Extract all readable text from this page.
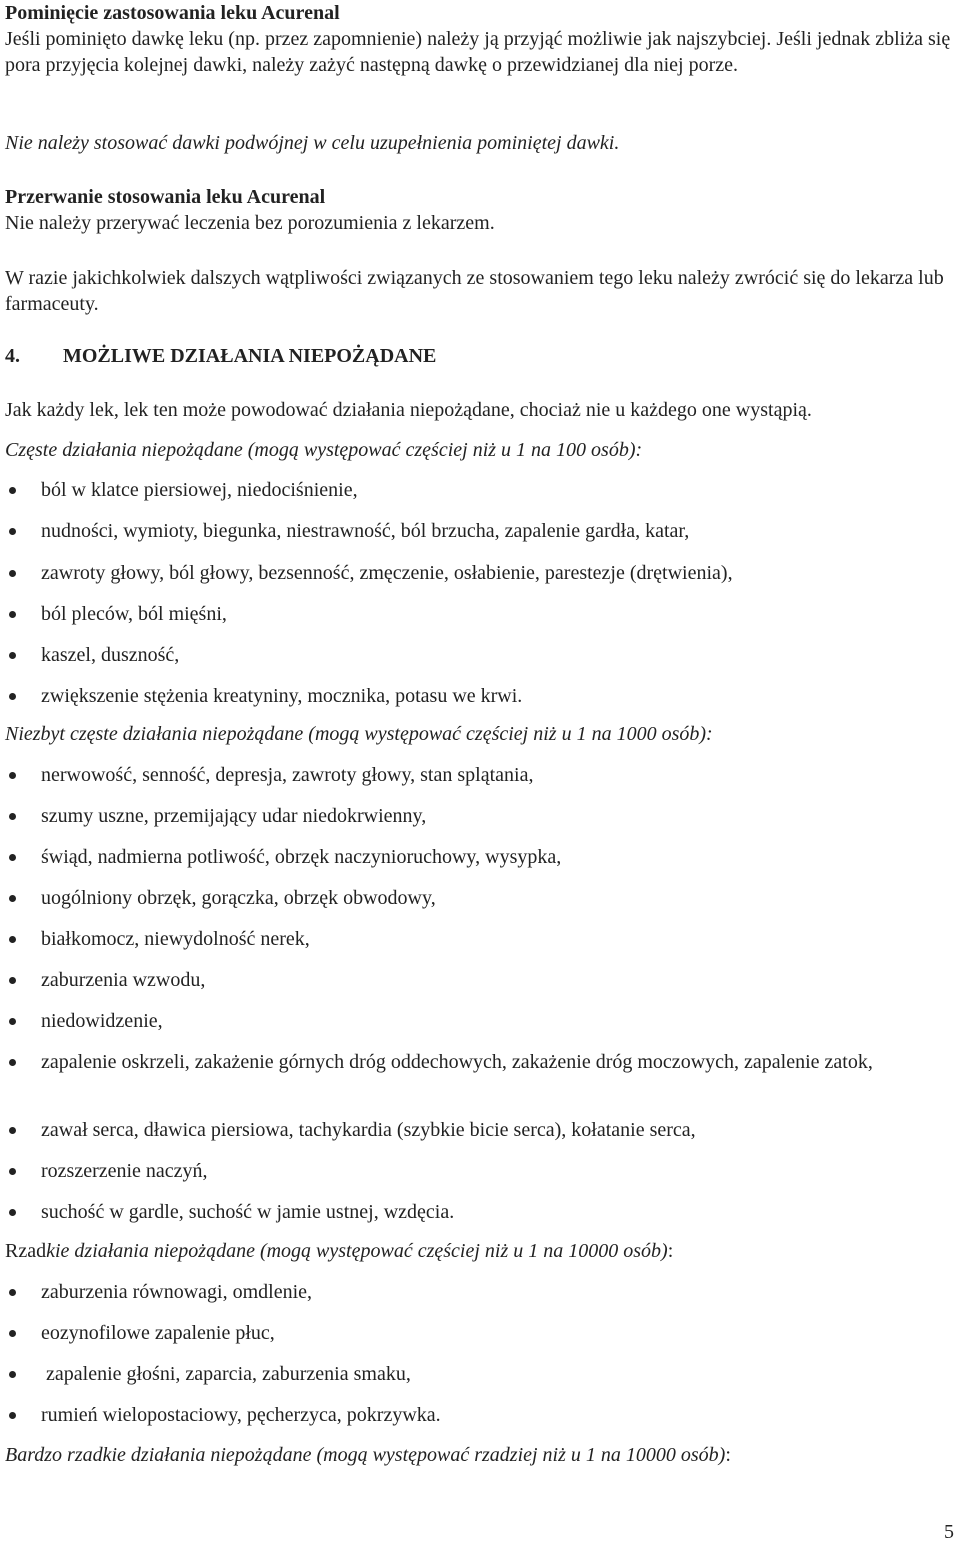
Pominięcie zastosowania leku Acurenal

Jeśli pominięto dawkę leku (np. przez zapomnienie) należy ją przyjąć możliwie jak najszybciej. Jeśli jednak zbliża się pora przyjęcia kolejnej dawki, należy zażyć następną dawkę o przewidzianej dla niej porze.

Nie należy stosować dawki podwójnej w celu uzupełnienia pominiętej dawki.

Przerwanie stosowania leku Acurenal

Nie należy przerywać leczenia bez porozumienia z lekarzem.

W razie jakichkolwiek dalszych wątpliwości związanych ze stosowaniem tego leku należy zwrócić się do lekarza lub farmaceuty.

4. MOŻLIWE DZIAŁANIA NIEPOŻĄDANE

Jak każdy lek, lek ten może powodować działania niepożądane, chociaż nie u każdego one wystąpią.

Częste działania niepożądane (mogą występować częściej niż u 1 na 100 osób):

ból w klatce piersiowej, niedociśnienie,
nudności, wymioty, biegunka, niestrawność, ból brzucha, zapalenie gardła, katar,
zawroty głowy, ból głowy, bezsenność, zmęczenie, osłabienie, parestezje (drętwienia),
ból pleców, ból mięśni,
kaszel, duszność,
zwiększenie stężenia kreatyniny, mocznika, potasu we krwi.

Niezbyt częste działania niepożądane (mogą występować częściej niż u 1 na 1000 osób):

nerwowość, senność, depresja, zawroty głowy, stan splątania,
szumy uszne, przemijający udar niedokrwienny,
świąd, nadmierna potliwość, obrzęk naczynioruchowy, wysypka,
uogólniony obrzęk, gorączka, obrzęk obwodowy,
białkomocz, niewydolność nerek,
zaburzenia wzwodu,
niedowidzenie,
zapalenie oskrzeli, zakażenie górnych dróg oddechowych, zakażenie dróg moczowych, zapalenie zatok,
zawał serca, dławica piersiowa, tachykardia (szybkie bicie serca), kołatanie serca,
rozszerzenie naczyń,
suchość w gardle, suchość w jamie ustnej, wzdęcia.

Rzadkie działania niepożądane (mogą występować częściej niż u 1 na 10000 osób):

zaburzenia równowagi, omdlenie,
eozynofilowe zapalenie płuc,
zapalenie głośni, zaparcia, zaburzenia smaku,
rumień wielopostaciowy, pęcherzyca, pokrzywka.

Bardzo rzadkie działania niepożądane (mogą występować rzadziej niż u 1 na 10000 osób):

5
